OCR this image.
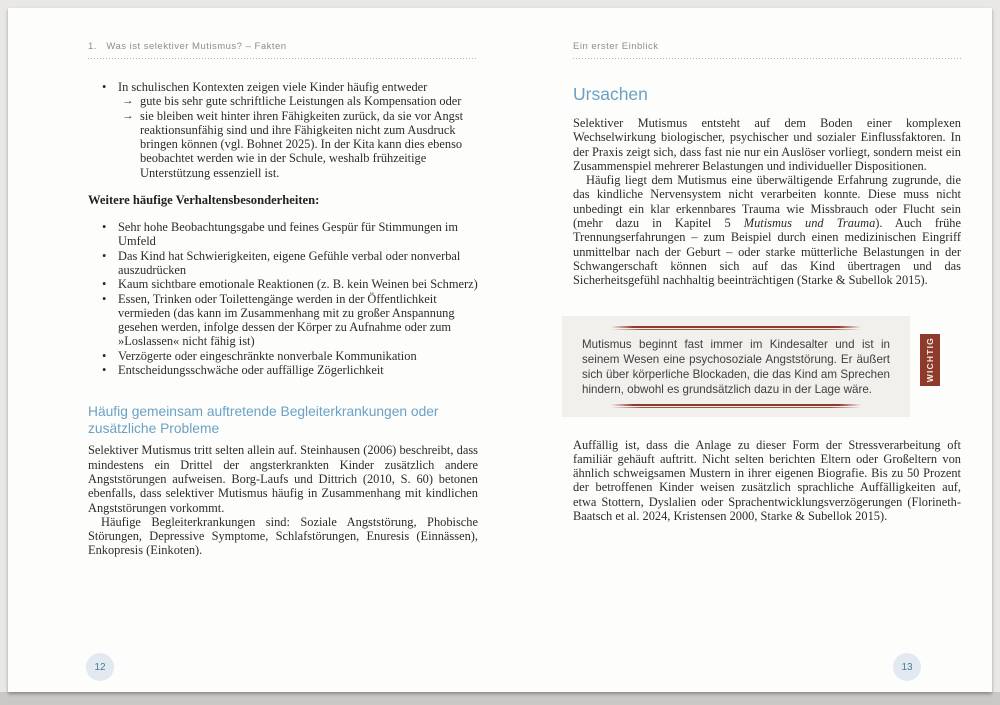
1.   Was ist selektiver Mutismus? – Fakten
• In schulischen Kontexten zeigen viele Kinder häufig entweder
→ gute bis sehr gute schriftliche Leistungen als Kompensation oder
→ sie bleiben weit hinter ihren Fähigkeiten zurück, da sie vor Angst reaktionsunfähig sind und ihre Fähigkeiten nicht zum Ausdruck bringen können (vgl. Bohnet 2025). In der Kita kann dies ebenso beobachtet werden wie in der Schule, weshalb frühzeitige Unterstützung essenziell ist.
Weitere häufige Verhaltensbesonderheiten:
• Sehr hohe Beobachtungsgabe und feines Gespür für Stimmungen im Umfeld
• Das Kind hat Schwierigkeiten, eigene Gefühle verbal oder nonverbal auszudrücken
• Kaum sichtbare emotionale Reaktionen (z. B. kein Weinen bei Schmerz)
• Essen, Trinken oder Toilettengänge werden in der Öffentlichkeit vermieden (das kann im Zusammenhang mit zu großer Anspannung gesehen werden, infolge dessen der Körper zu Aufnahme oder zum »Loslassen« nicht fähig ist)
• Verzögerte oder eingeschränkte nonverbale Kommunikation
• Entscheidungsschwäche oder auffällige Zögerlichkeit
Häufig gemeinsam auftretende Begleiterkrankungen oder zusätzliche Probleme

Selektiver Mutismus tritt selten allein auf. Steinhausen (2006) beschreibt, dass mindestens ein Drittel der angsterkrankten Kinder zusätzlich andere Angststörungen aufweisen. Borg-Laufs und Dittrich (2010, S. 60) betonen ebenfalls, dass selektiver Mutismus häufig in Zusammenhang mit kindlichen Angststörungen vorkommt.

Häufige Begleiterkrankungen sind: Soziale Angststörung, Phobische Störungen, Depressive Symptome, Schlafstörungen, Enuresis (Einnässen), Enkopresis (Einkoten).

Ein erster Einblick
Ursachen

Selektiver Mutismus entsteht auf dem Boden einer komplexen Wechselwirkung biologischer, psychischer und sozialer Einflussfaktoren. In der Praxis zeigt sich, dass fast nie nur ein Auslöser vorliegt, sondern meist ein Zusammenspiel mehrerer Belastungen und individueller Dispositionen.

Häufig liegt dem Mutismus eine überwältigende Erfahrung zugrunde, die das kindliche Nervensystem nicht verarbeiten konnte. Diese muss nicht unbedingt ein klar erkennbares Trauma wie Missbrauch oder Flucht sein (mehr dazu in Kapitel 5 Mutismus und Trauma). Auch frühe Trennungserfahrungen – zum Beispiel durch einen medizinischen Eingriff unmittelbar nach der Geburt – oder starke mütterliche Belastungen in der Schwangerschaft können sich auf das Kind übertragen und das Sicherheitsgefühl nachhaltig beeinträchtigen (Starke & Subellok 2015).

Mutismus beginnt fast immer im Kindesalter und ist in seinem Wesen eine psychosoziale Angststörung. Er äußert sich über körperliche Blockaden, die das Kind am Sprechen hindern, obwohl es grundsätzlich dazu in der Lage wäre.
WICHTIG

Auffällig ist, dass die Anlage zu dieser Form der Stressverarbeitung oft familiär gehäuft auftritt. Nicht selten berichten Eltern oder Großeltern von ähnlich schweigsamen Mustern in ihrer eigenen Biografie. Bis zu 50 Prozent der betroffenen Kinder weisen zusätzlich sprachliche Auffälligkeiten auf, etwa Stottern, Dyslalien oder Sprachentwicklungsverzögerungen (Florineth-Baatsch et al. 2024, Kristensen 2000, Starke & Subellok 2015).

12	13
